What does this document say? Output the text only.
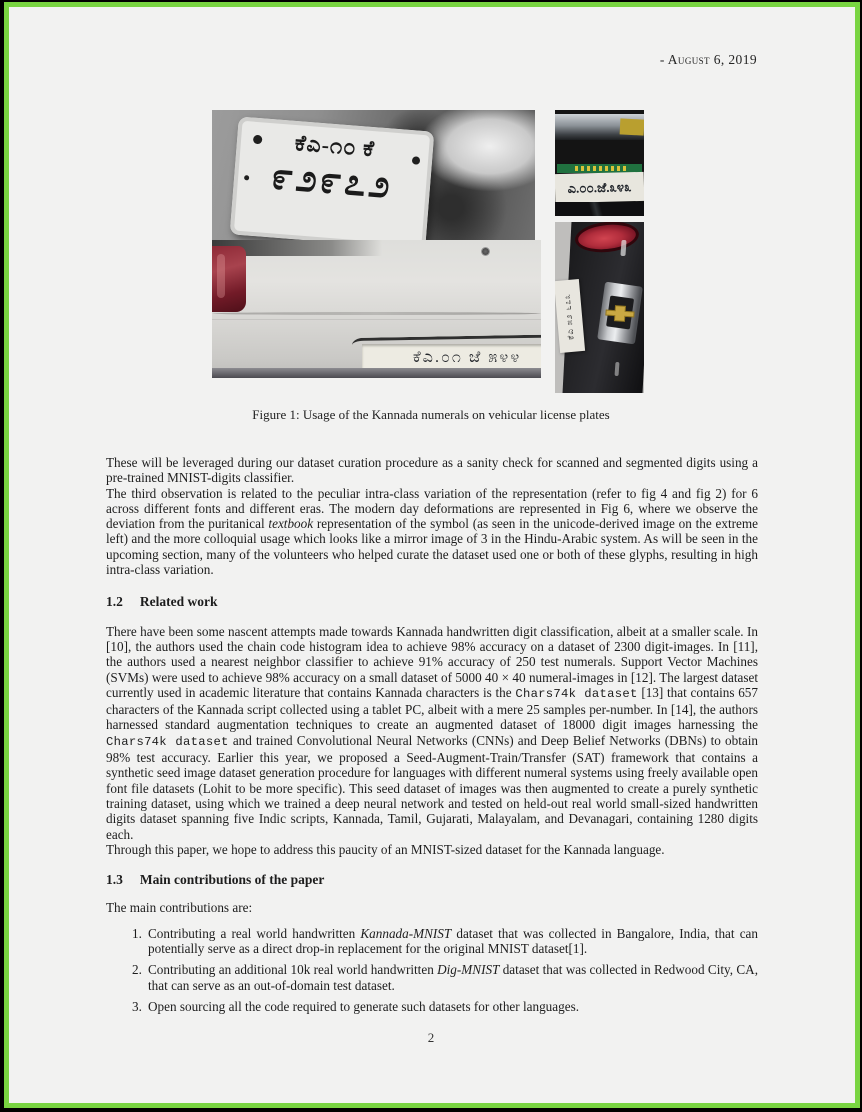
- August 6, 2019
ಕೆಎ-೧೦ ಕೆ
೯೨೯೭೨	ಎ.೦೦.ಜೆ.೩೪೩
ಕೆಎ.೦೧ ಜೆ ೫೪೪
ಕೆಎ ೫೨ ೬೭೩
Figure 1: Usage of the Kannada numerals on vehicular license plates

These will be leveraged during our dataset curation procedure as a sanity check for scanned and segmented digits using a pre-trained MNIST-digits classifier.

The third observation is related to the peculiar intra-class variation of the representation (refer to fig 4 and fig 2) for 6 across different fonts and different eras. The modern day deformations are represented in Fig 6, where we observe the deviation from the puritanical textbook representation of the symbol (as seen in the unicode-derived image on the extreme left) and the more colloquial usage which looks like a mirror image of 3 in the Hindu-Arabic system. As will be seen in the upcoming section, many of the volunteers who helped curate the dataset used one or both of these glyphs, resulting in high intra-class variation.

1.2 Related work

There have been some nascent attempts made towards Kannada handwritten digit classification, albeit at a smaller scale. In [10], the authors used the chain code histogram idea to achieve 98% accuracy on a dataset of 2300 digit-images. In [11], the authors used a nearest neighbor classifier to achieve 91% accuracy of 250 test numerals. Support Vector Machines (SVMs) were used to achieve 98% accuracy on a small dataset of 5000 40 × 40 numeral-images in [12]. The largest dataset currently used in academic literature that contains Kannada characters is the Chars74k dataset [13] that contains 657 characters of the Kannada script collected using a tablet PC, albeit with a mere 25 samples per-number. In [14], the authors harnessed standard augmentation techniques to create an augmented dataset of 18000 digit images harnessing the Chars74k dataset and trained Convolutional Neural Networks (CNNs) and Deep Belief Networks (DBNs) to obtain 98% test accuracy. Earlier this year, we proposed a Seed-Augment-Train/Transfer (SAT) framework that contains a synthetic seed image dataset generation procedure for languages with different numeral systems using freely available open font file datasets (Lohit to be more specific). This seed dataset of images was then augmented to create a purely synthetic training dataset, using which we trained a deep neural network and tested on held-out real world small-sized handwritten digits dataset spanning five Indic scripts, Kannada, Tamil, Gujarati, Malayalam, and Devanagari, containing 1280 digits each.

Through this paper, we hope to address this paucity of an MNIST-sized dataset for the Kannada language.

1.3 Main contributions of the paper

The main contributions are:

1. Contributing a real world handwritten Kannada-MNIST dataset that was collected in Bangalore, India, that can potentially serve as a direct drop-in replacement for the original MNIST dataset[1].
2. Contributing an additional 10k real world handwritten Dig-MNIST dataset that was collected in Redwood City, CA, that can serve as an out-of-domain test dataset.
3. Open sourcing all the code required to generate such datasets for other languages.
2
